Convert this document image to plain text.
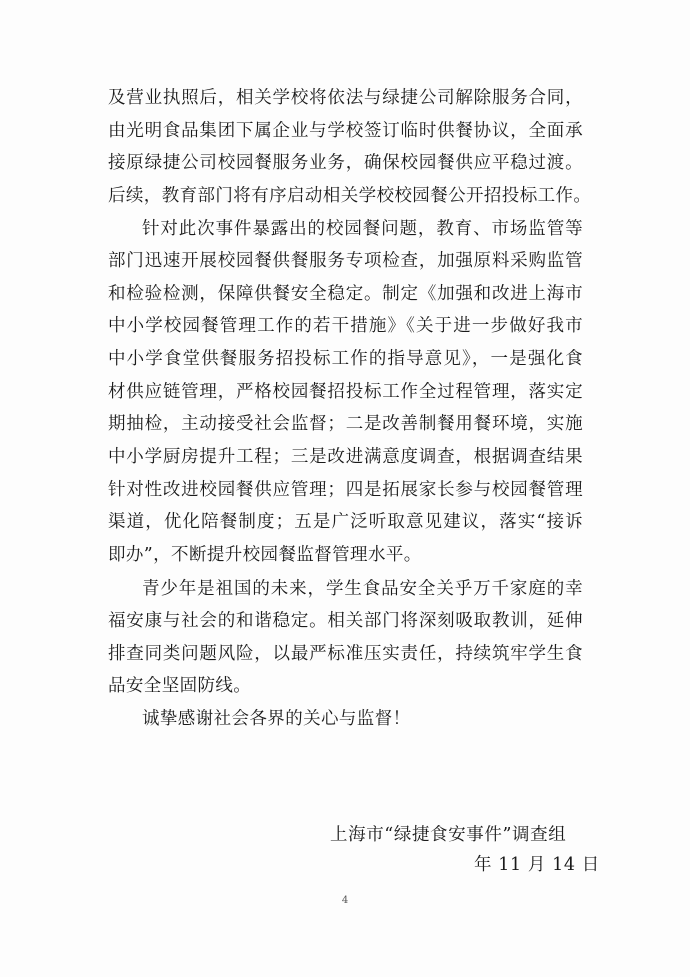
及营业执照后，相关学校将依法与绿捷公司解除服务合同，
由光明食品集团下属企业与学校签订临时供餐协议，全面承
接原绿捷公司校园餐服务业务，确保校园餐供应平稳过渡。
后续，教育部门将有序启动相关学校校园餐公开招投标工作。
针对此次事件暴露出的校园餐问题，教育、市场监管等
部门迅速开展校园餐供餐服务专项检查，加强原料采购监管
和检验检测，保障供餐安全稳定。制定《加强和改进上海市
中小学校园餐管理工作的若干措施》《关于进一步做好我市
中小学食堂供餐服务招投标工作的指导意见》，一是强化食
材供应链管理，严格校园餐招投标工作全过程管理，落实定
期抽检，主动接受社会监督；二是改善制餐用餐环境，实施
中小学厨房提升工程；三是改进满意度调查，根据调查结果
针对性改进校园餐供应管理；四是拓展家长参与校园餐管理
渠道，优化陪餐制度；五是广泛听取意见建议，落实“接诉
即办”，不断提升校园餐监督管理水平。
青少年是祖国的未来，学生食品安全关乎万千家庭的幸
福安康与社会的和谐稳定。相关部门将深刻吸取教训，延伸
排查同类问题风险，以最严标准压实责任，持续筑牢学生食
品安全坚固防线。
诚挚感谢社会各界的关心与监督！
上海市“绿捷食安事件”调查组
年 11 月 14 日
4
